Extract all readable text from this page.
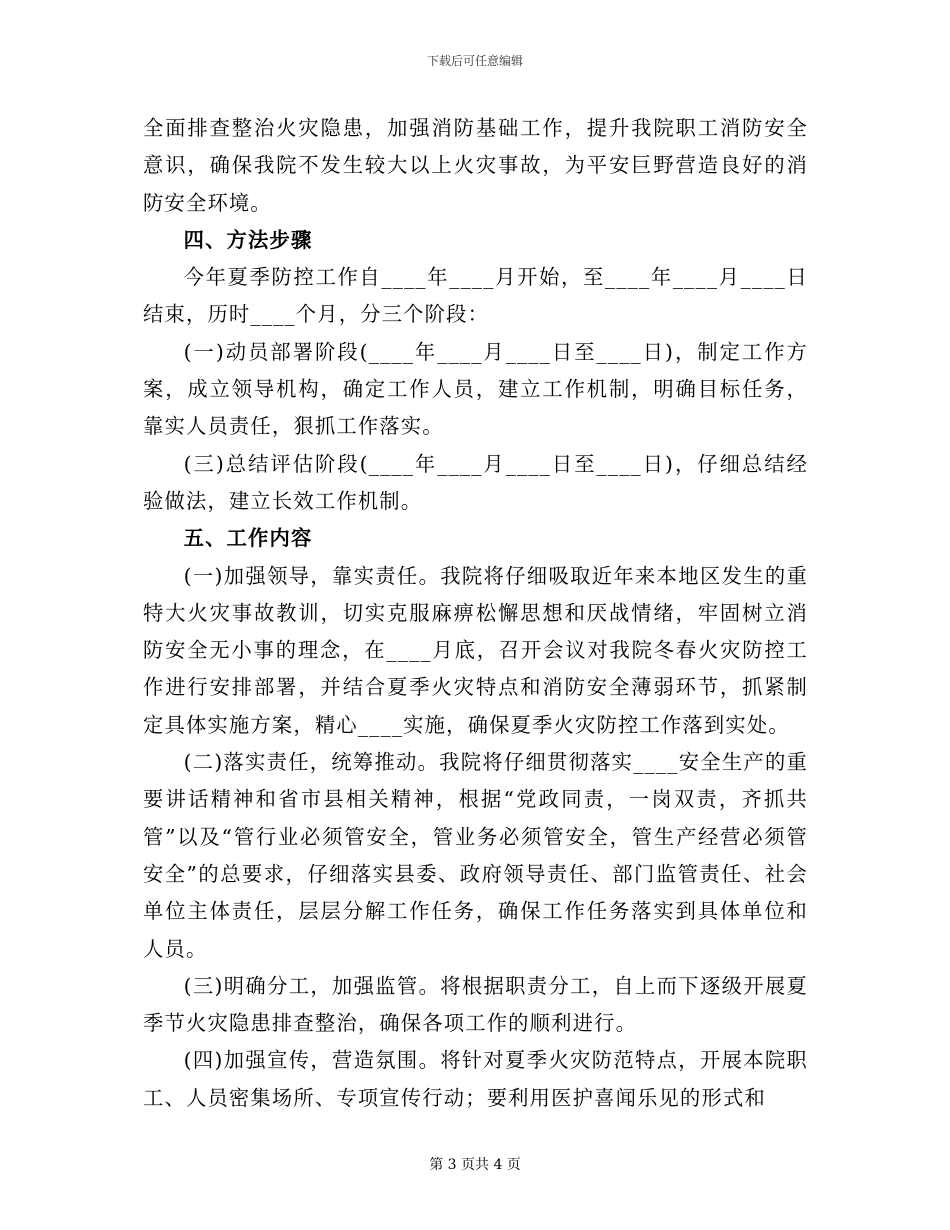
下载后可任意编辑

全面排查整治火灾隐患，加强消防基础工作，提升我院职工消防安全意识，确保我院不发生较大以上火灾事故，为平安巨野营造良好的消防安全环境。

四、方法步骤

今年夏季防控工作自____年____月开始，至____年____月____日结束，历时____个月，分三个阶段：

(一)动员部署阶段(____年____月____日至____日)，制定工作方案，成立领导机构，确定工作人员，建立工作机制，明确目标任务，靠实人员责任，狠抓工作落实。

(三)总结评估阶段(____年____月____日至____日)，仔细总结经验做法，建立长效工作机制。

五、工作内容

(一)加强领导，靠实责任。我院将仔细吸取近年来本地区发生的重特大火灾事故教训，切实克服麻痹松懈思想和厌战情绪，牢固树立消防安全无小事的理念，在____月底，召开会议对我院冬春火灾防控工作进行安排部署，并结合夏季火灾特点和消防安全薄弱环节，抓紧制定具体实施方案，精心____实施，确保夏季火灾防控工作落到实处。

(二)落实责任，统筹推动。我院将仔细贯彻落实____安全生产的重要讲话精神和省市县相关精神，根据“党政同责，一岗双责，齐抓共管”以及“管行业必须管安全，管业务必须管安全，管生产经营必须管安全”的总要求，仔细落实县委、政府领导责任、部门监管责任、社会单位主体责任，层层分解工作任务，确保工作任务落实到具体单位和人员。

(三)明确分工，加强监管。将根据职责分工，自上而下逐级开展夏季节火灾隐患排查整治，确保各项工作的顺利进行。

(四)加强宣传，营造氛围。将针对夏季火灾防范特点，开展本院职工、人员密集场所、专项宣传行动；要利用医护喜闻乐见的形式和

第 3 页共 4 页
